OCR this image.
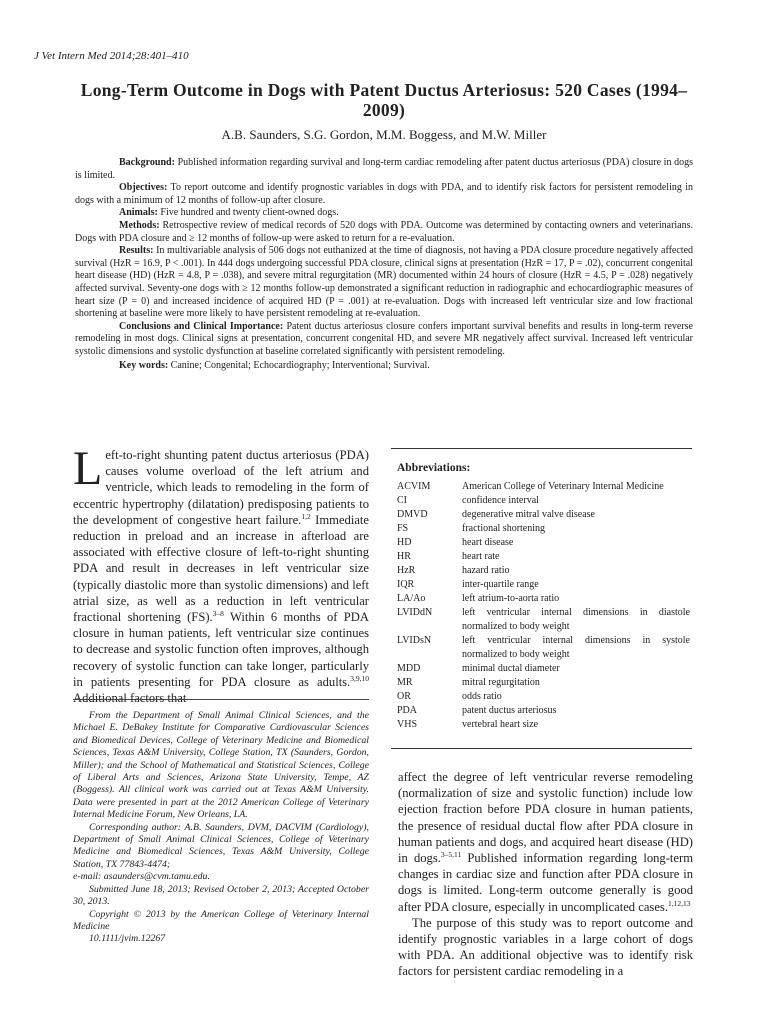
J Vet Intern Med 2014;28:401–410
Long-Term Outcome in Dogs with Patent Ductus Arteriosus: 520 Cases (1994–2009)
A.B. Saunders, S.G. Gordon, M.M. Boggess, and M.W. Miller

Background: Published information regarding survival and long-term cardiac remodeling after patent ductus arteriosus (PDA) closure in dogs is limited.

Objectives: To report outcome and identify prognostic variables in dogs with PDA, and to identify risk factors for persistent remodeling in dogs with a minimum of 12 months of follow-up after closure.

Animals: Five hundred and twenty client-owned dogs.

Methods: Retrospective review of medical records of 520 dogs with PDA. Outcome was determined by contacting owners and veterinarians. Dogs with PDA closure and ≥ 12 months of follow-up were asked to return for a re-evaluation.

Results: In multivariable analysis of 506 dogs not euthanized at the time of diagnosis, not having a PDA closure procedure negatively affected survival (HzR = 16.9, P < .001). In 444 dogs undergoing successful PDA closure, clinical signs at presentation (HzR = 17, P = .02), concurrent congenital heart disease (HD) (HzR = 4.8, P = .038), and severe mitral regurgitation (MR) documented within 24 hours of closure (HzR = 4.5, P = .028) negatively affected survival. Seventy-one dogs with ≥ 12 months follow-up demonstrated a significant reduction in radiographic and echocardiographic measures of heart size (P = 0) and increased incidence of acquired HD (P = .001) at re-evaluation. Dogs with increased left ventricular size and low fractional shortening at baseline were more likely to have persistent remodeling at re-evaluation.

Conclusions and Clinical Importance: Patent ductus arteriosus closure confers important survival benefits and results in long-term reverse remodeling in most dogs. Clinical signs at presentation, concurrent congenital HD, and severe MR negatively affect survival. Increased left ventricular systolic dimensions and systolic dysfunction at baseline correlated significantly with persistent remodeling.

Key words: Canine; Congenital; Echocardiography; Interventional; Survival.

Left-to-right shunting patent ductus arteriosus (PDA) causes volume overload of the left atrium and ventricle, which leads to remodeling in the form of eccentric hypertrophy (dilatation) predisposing patients to the development of congestive heart failure.$^{1,2}$ Immediate reduction in preload and an increase in afterload are associated with effective closure of left-to-right shunting PDA and result in decreases in left ventricular size (typically diastolic more than systolic dimensions) and left atrial size, as well as a reduction in left ventricular fractional shortening (FS).$^{3-8}$ Within 6 months of PDA closure in human patients, left ventricular size continues to decrease and systolic function often improves, although recovery of systolic function can take longer, particularly in patients presenting for PDA closure as adults.$^{3,9,10}$ Additional factors that

From the Department of Small Animal Clinical Sciences, and the Michael E. DeBakey Institute for Comparative Cardiovascular Sciences and Biomedical Devices, College of Veterinary Medicine and Biomedical Sciences, Texas A&M University, College Station, TX (Saunders, Gordon, Miller); and the School of Mathematical and Statistical Sciences, College of Liberal Arts and Sciences, Arizona State University, Tempe, AZ (Boggess). All clinical work was carried out at Texas A&M University. Data were presented in part at the 2012 American College of Veterinary Internal Medicine Forum, New Orleans, LA.

Corresponding author: A.B. Saunders, DVM, DACVIM (Cardiology), Department of Small Animal Clinical Sciences, College of Veterinary Medicine and Biomedical Sciences, Texas A&M University, College Station, TX 77843-4474;

e-mail: asaunders@cvm.tamu.edu.

Submitted June 18, 2013; Revised October 2, 2013; Accepted October 30, 2013.

Copyright © 2013 by the American College of Veterinary Internal Medicine

10.1111/jvim.12267

Abbreviations:
ACVIM	American College of Veterinary Internal Medicine
CI	confidence interval
DMVD	degenerative mitral valve disease
FS	fractional shortening
HD	heart disease
HR	heart rate
HzR	hazard ratio
IQR	inter-quartile range
LA/Ao	left atrium-to-aorta ratio
LVIDdN	left ventricular internal dimensions in diastole normalized to body weight
LVIDsN	left ventricular internal dimensions in systole normalized to body weight
MDD	minimal ductal diameter
MR	mitral regurgitation
OR	odds ratio
PDA	patent ductus arteriosus
VHS	vertebral heart size

affect the degree of left ventricular reverse remodeling (normalization of size and systolic function) include low ejection fraction before PDA closure in human patients, the presence of residual ductal flow after PDA closure in human patients and dogs, and acquired heart disease (HD) in dogs.$^{3-5,11}$ Published information regarding long-term changes in cardiac size and function after PDA closure in dogs is limited. Long-term outcome generally is good after PDA closure, especially in uncomplicated cases.$^{1,12,13}$

The purpose of this study was to report outcome and identify prognostic variables in a large cohort of dogs with PDA. An additional objective was to identify risk factors for persistent cardiac remodeling in a
